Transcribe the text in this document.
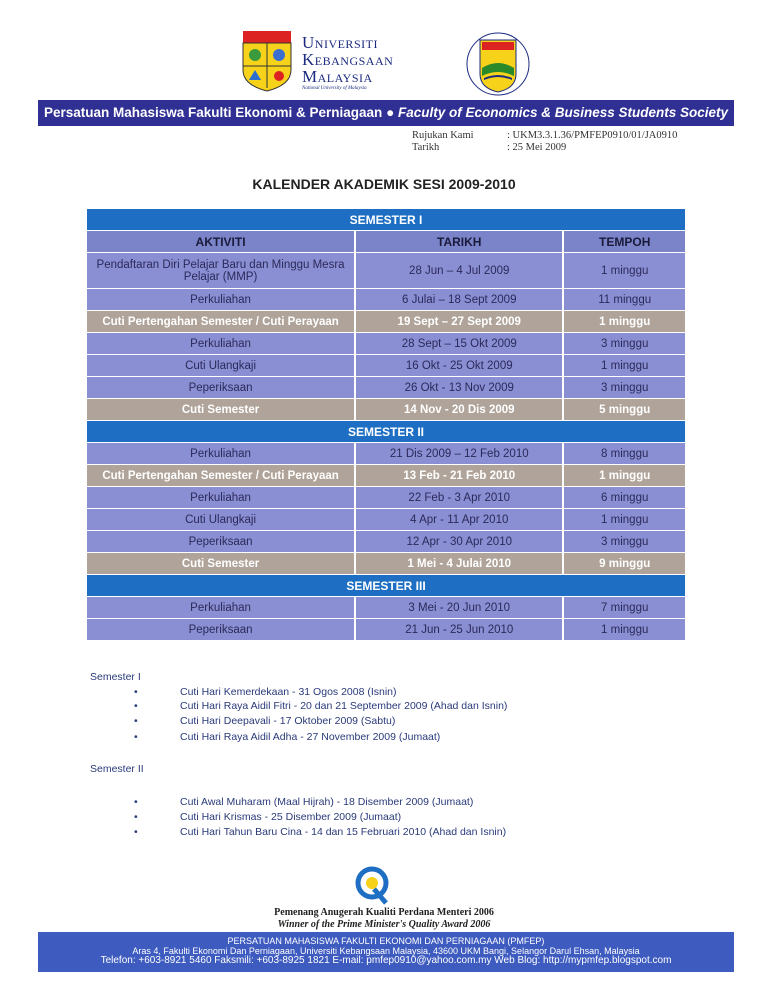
Universiti
Kebangsaan
Malaysia
National University of Malaysia
Persatuan Mahasiswa Fakulti Ekonomi & Perniagaan ● Faculty of Economics & Business Students Society
Rujukan Kami	: UKM3.3.1.36/PMFEP0910/01/JA0910
Tarikh	: 25 Mei 2009
KALENDER AKADEMIK SESI 2009-2010
SEMESTER I
AKTIVITI	TARIKH	TEMPOH
Pendaftaran Diri Pelajar Baru dan Minggu Mesra Pelajar (MMP)	28 Jun – 4 Jul 2009	1 minggu
Perkuliahan	6 Julai – 18 Sept 2009	11 minggu
Cuti Pertengahan Semester / Cuti Perayaan	19 Sept – 27 Sept 2009	1 minggu
Perkuliahan	28 Sept – 15 Okt 2009	3 minggu
Cuti Ulangkaji	16 Okt - 25 Okt 2009	1 minggu
Peperiksaan	26 Okt - 13 Nov 2009	3 minggu
Cuti Semester	14 Nov - 20 Dis 2009	5 minggu
SEMESTER II
Perkuliahan	21 Dis 2009 – 12 Feb 2010	8 minggu
Cuti Pertengahan Semester / Cuti Perayaan	13 Feb - 21 Feb 2010	1 minggu
Perkuliahan	22 Feb - 3 Apr 2010	6 minggu
Cuti Ulangkaji	4 Apr - 11 Apr 2010	1 minggu
Peperiksaan	12 Apr - 30 Apr 2010	3 minggu
Cuti Semester	1 Mei - 4 Julai 2010	9 minggu
SEMESTER III
Perkuliahan	3 Mei - 20 Jun 2010	7 minggu
Peperiksaan	21 Jun - 25 Jun 2010	1 minggu
Semester I
•	Cuti Hari Kemerdekaan - 31 Ogos 2008 (Isnin)
•	Cuti Hari Raya Aidil Fitri - 20 dan 21 September 2009 (Ahad dan Isnin)
•	Cuti Hari Deepavali - 17 Oktober 2009 (Sabtu)
•	Cuti Hari Raya Aidil Adha - 27 November 2009 (Jumaat)
Semester II
•	Cuti Awal Muharam (Maal Hijrah) - 18 Disember 2009 (Jumaat)
•	Cuti Hari Krismas - 25 Disember 2009 (Jumaat)
•	Cuti Hari Tahun Baru Cina - 14 dan 15 Februari 2010 (Ahad dan Isnin)
Pemenang Anugerah Kualiti Perdana Menteri 2006
Winner of the Prime Minister's Quality Award 2006
PERSATUAN MAHASISWA FAKULTI EKONOMI DAN PERNIAGAAN (PMFEP)
Aras 4, Fakulti Ekonomi Dan Perniagaan, Universiti Kebangsaan Malaysia, 43600 UKM Bangi, Selangor Darul Ehsan, Malaysia
Telefon: +603-8921 5460 Faksmili: +603-8925 1821 E-mail: pmfep0910@yahoo.com.my Web Blog: http://mypmfep.blogspot.com
